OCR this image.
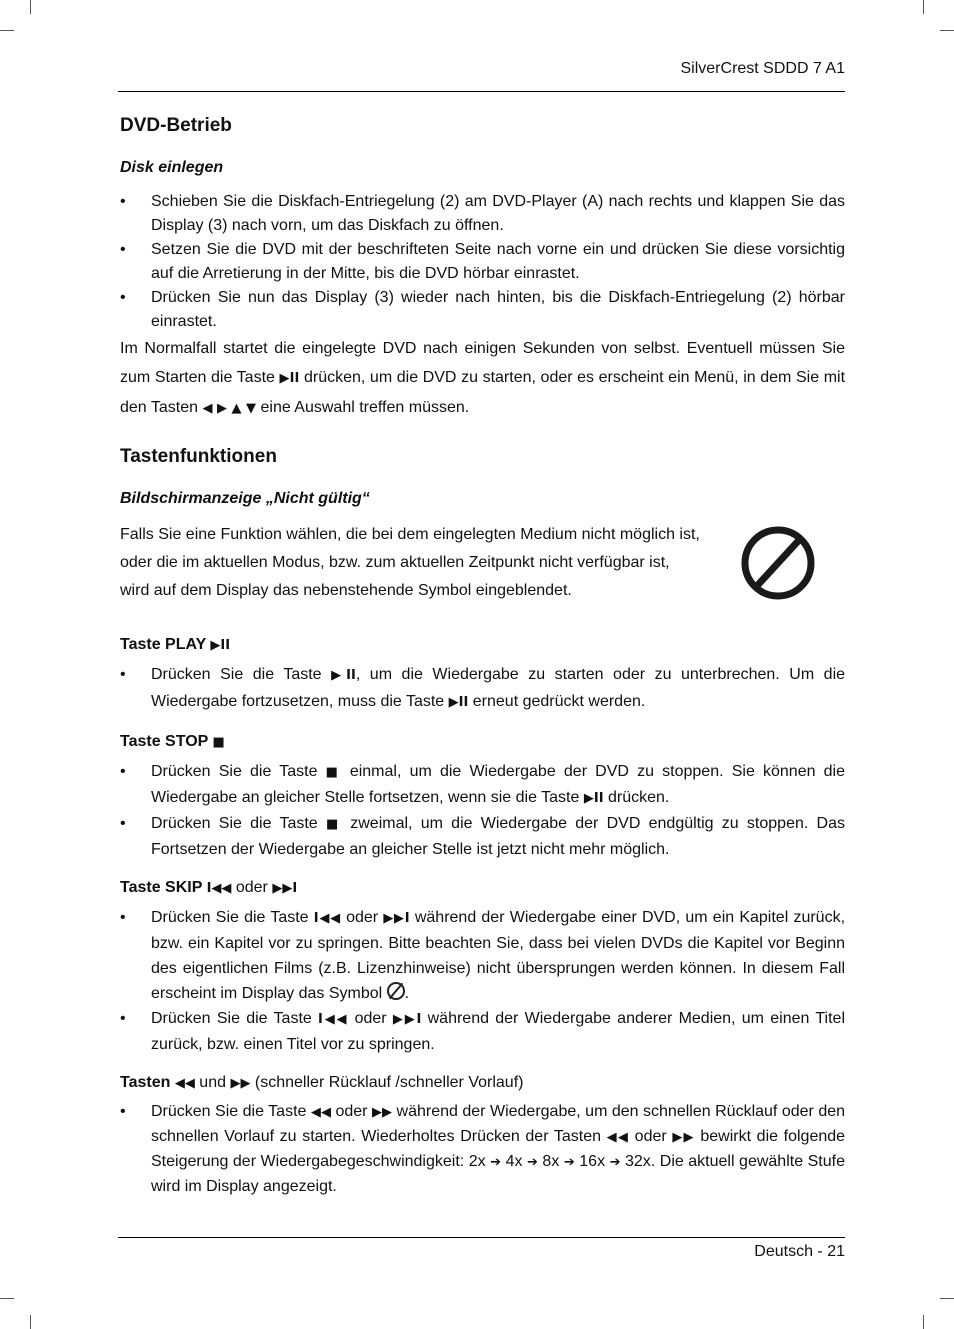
SilverCrest SDDD 7 A1
DVD-Betrieb
Disk einlegen
• Schieben Sie die Diskfach-Entriegelung (2) am DVD-Player (A) nach rechts und klappen Sie das Display (3) nach vorn, um das Diskfach zu öffnen.
• Setzen Sie die DVD mit der beschrifteten Seite nach vorne ein und drücken Sie diese vorsichtig auf die Arretierung in der Mitte, bis die DVD hörbar einrastet.
• Drücken Sie nun das Display (3) wieder nach hinten, bis die Diskfach-Entriegelung (2) hörbar einrastet.

Im Normalfall startet die eingelegte DVD nach einigen Sekunden von selbst. Eventuell müssen Sie zum Starten die Taste ▶II drücken, um die DVD zu starten, oder es erscheint ein Menü, in dem Sie mit den Tasten ◀ ▶ ▲ ▼ eine Auswahl treffen müssen.

Tastenfunktionen
Bildschirmanzeige „Nicht gültig“

Falls Sie eine Funktion wählen, die bei dem eingelegten Medium nicht möglich ist, oder die im aktuellen Modus, bzw. zum aktuellen Zeitpunkt nicht verfügbar ist, wird auf dem Display das nebenstehende Symbol eingeblendet.

Taste PLAY ▶II
• Drücken Sie die Taste ▶II, um die Wiedergabe zu starten oder zu unterbrechen. Um die Wiedergabe fortzusetzen, muss die Taste ▶II erneut gedrückt werden.
Taste STOP ■
• Drücken Sie die Taste ■ einmal, um die Wiedergabe der DVD zu stoppen. Sie können die Wiedergabe an gleicher Stelle fortsetzen, wenn sie die Taste ▶II drücken.
• Drücken Sie die Taste ■ zweimal, um die Wiedergabe der DVD endgültig zu stoppen. Das Fortsetzen der Wiedergabe an gleicher Stelle ist jetzt nicht mehr möglich.
Taste SKIP I◀◀ oder ▶▶I
• Drücken Sie die Taste I◀◀ oder ▶▶I während der Wiedergabe einer DVD, um ein Kapitel zurück, bzw. ein Kapitel vor zu springen. Bitte beachten Sie, dass bei vielen DVDs die Kapitel vor Beginn des eigentlichen Films (z.B. Lizenzhinweise) nicht übersprungen werden können. In diesem Fall erscheint im Display das Symbol .
• Drücken Sie die Taste I◀◀ oder ▶▶I während der Wiedergabe anderer Medien, um einen Titel zurück, bzw. einen Titel vor zu springen.
Tasten ◀◀ und ▶▶ (schneller Rücklauf /schneller Vorlauf)
• Drücken Sie die Taste ◀◀ oder ▶▶ während der Wiedergabe, um den schnellen Rücklauf oder den schnellen Vorlauf zu starten. Wiederholtes Drücken der Tasten ◀◀ oder ▶▶ bewirkt die folgende Steigerung der Wiedergabegeschwindigkeit: 2x ➔ 4x ➔ 8x ➔ 16x ➔ 32x. Die aktuell gewählte Stufe wird im Display angezeigt.
Deutsch - 21
